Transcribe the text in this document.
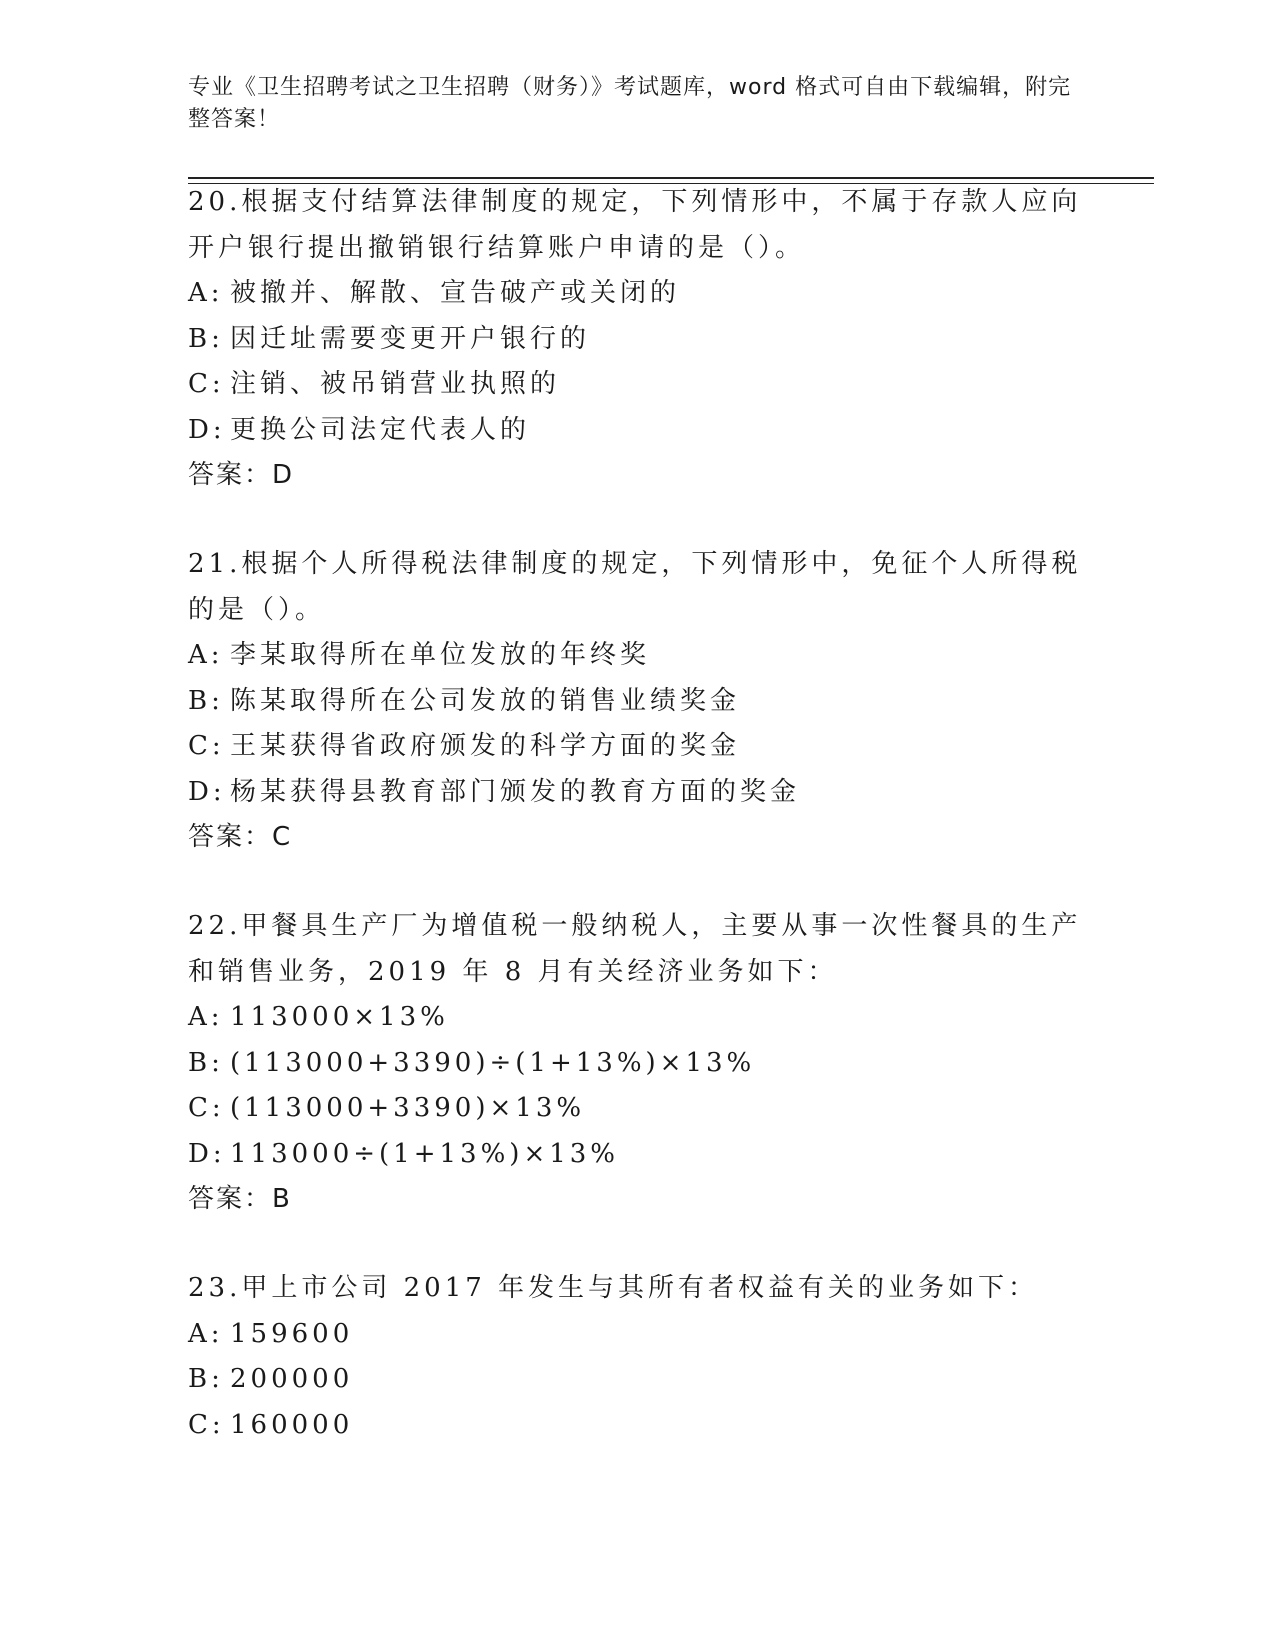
专业《卫生招聘考试之卫生招聘（财务）》考试题库，word 格式可自由下载编辑，附完整答案！

20.根据支付结算法律制度的规定，下列情形中，不属于存款人应向开户银行提出撤销银行结算账户申请的是（）。

A: 被撤并、解散、宣告破产或关闭的

B: 因迁址需要变更开户银行的

C: 注销、被吊销营业执照的

D: 更换公司法定代表人的

答案：D

21.根据个人所得税法律制度的规定，下列情形中，免征个人所得税的是（）。

A: 李某取得所在单位发放的年终奖

B: 陈某取得所在公司发放的销售业绩奖金

C: 王某获得省政府颁发的科学方面的奖金

D: 杨某获得县教育部门颁发的教育方面的奖金

答案：C

22.甲餐具生产厂为增值税一般纳税人，主要从事一次性餐具的生产和销售业务，2019 年 8 月有关经济业务如下：

A: 113000×13%

B: (113000+3390)÷(1+13%)×13%

C: (113000+3390)×13%

D: 113000÷(1+13%)×13%

答案：B

23.甲上市公司 2017 年发生与其所有者权益有关的业务如下：

A: 159600

B: 200000

C: 160000
